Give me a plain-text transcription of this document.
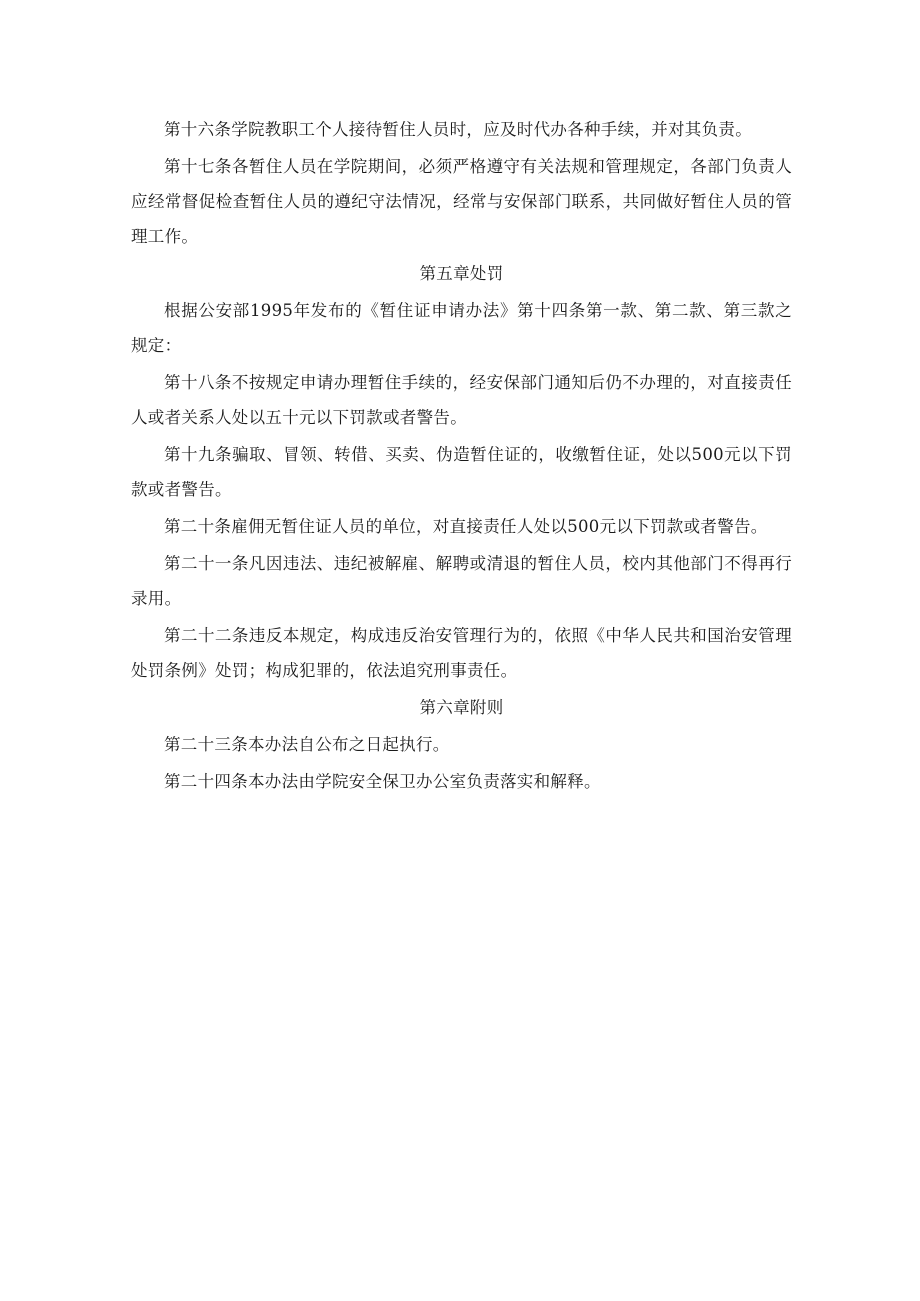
第十六条学院教职工个人接待暂住人员时，应及时代办各种手续，并对其负责。

第十七条各暂住人员在学院期间，必须严格遵守有关法规和管理规定，各部门负责人应经常督促检查暂住人员的遵纪守法情况，经常与安保部门联系，共同做好暂住人员的管理工作。

第五章处罚

根据公安部1995年发布的《暂住证申请办法》第十四条第一款、第二款、第三款之规定：

第十八条不按规定申请办理暂住手续的，经安保部门通知后仍不办理的，对直接责任人或者关系人处以五十元以下罚款或者警告。

第十九条骗取、冒领、转借、买卖、伪造暂住证的，收缴暂住证，处以500元以下罚款或者警告。

第二十条雇佣无暂住证人员的单位，对直接责任人处以500元以下罚款或者警告。

第二十一条凡因违法、违纪被解雇、解聘或清退的暂住人员，校内其他部门不得再行录用。

第二十二条违反本规定，构成违反治安管理行为的，依照《中华人民共和国治安管理处罚条例》处罚；构成犯罪的，依法追究刑事责任。

第六章附则

第二十三条本办法自公布之日起执行。

第二十四条本办法由学院安全保卫办公室负责落实和解释。
